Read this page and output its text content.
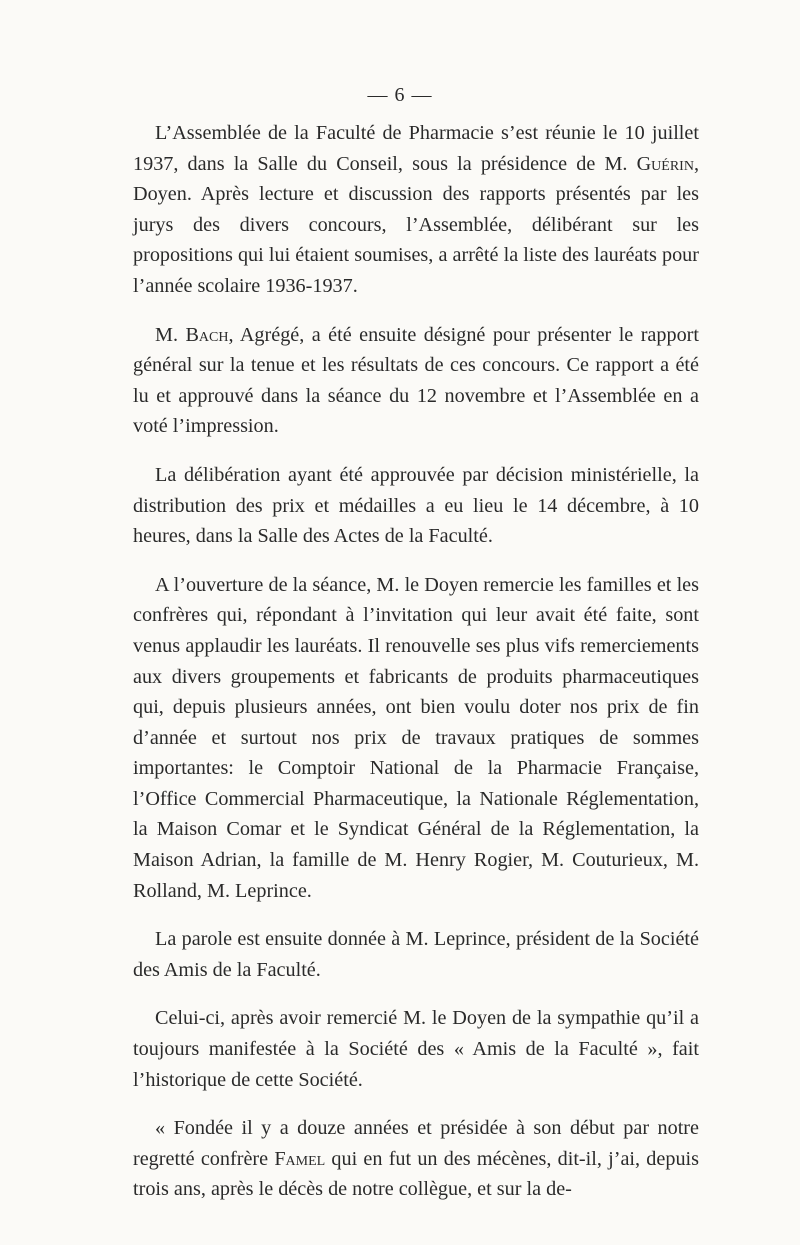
— 6 —

L’Assemblée de la Faculté de Pharmacie s’est réunie le 10 juillet 1937, dans la Salle du Conseil, sous la présidence de M. Guérin, Doyen. Après lecture et discussion des rapports présentés par les jurys des divers concours, l’Assemblée, délibérant sur les propositions qui lui étaient soumises, a arrêté la liste des lauréats pour l’année scolaire 1936-1937.

M. Bach, Agrégé, a été ensuite désigné pour présenter le rapport général sur la tenue et les résultats de ces concours. Ce rapport a été lu et approuvé dans la séance du 12 novembre et l’Assemblée en a voté l’impression.

La délibération ayant été approuvée par décision ministérielle, la distribution des prix et médailles a eu lieu le 14 décembre, à 10 heures, dans la Salle des Actes de la Faculté.

A l’ouverture de la séance, M. le Doyen remercie les familles et les confrères qui, répondant à l’invitation qui leur avait été faite, sont venus applaudir les lauréats. Il renouvelle ses plus vifs remerciements aux divers groupements et fabricants de produits pharmaceutiques qui, depuis plusieurs années, ont bien voulu doter nos prix de fin d’année et surtout nos prix de travaux pratiques de sommes importantes: le Comptoir National de la Pharmacie Française, l’Office Commercial Pharmaceutique, la Nationale Réglementation, la Maison Comar et le Syndicat Général de la Réglementation, la Maison Adrian, la famille de M. Henry Rogier, M. Couturieux, M. Rolland, M. Leprince.

La parole est ensuite donnée à M. Leprince, président de la Société des Amis de la Faculté.

Celui-ci, après avoir remercié M. le Doyen de la sympathie qu’il a toujours manifestée à la Société des « Amis de la Faculté », fait l’historique de cette Société.

« Fondée il y a douze années et présidée à son début par notre regretté confrère Famel qui en fut un des mécènes, dit-il, j’ai, depuis trois ans, après le décès de notre collègue, et sur la de-
